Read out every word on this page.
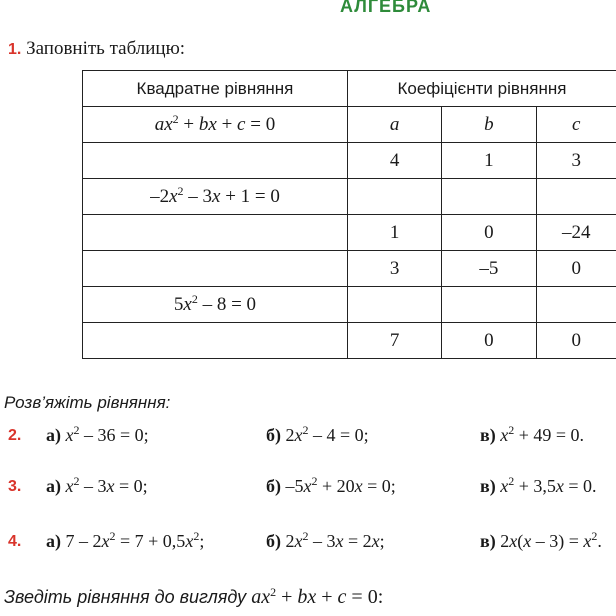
АЛГЕБРА
1. Заповніть таблицю:
Квадратне рівняння	Коефіцієнти рівняння		
$ax^2$ + bx + c = 0	a	b	c
	4	1	3
$-2x^2 - 3x + 1 = 0$			
	1	0	–24
	3	–5	0
$5x^2 - 8 = 0$			
	7	0	0
Розв’яжіть рівняння:
2. а) $x^2 - 36 = 0$;	б) $2x^2 - 4 = 0$;	в) $x^2 + 49 = 0$.
3. а) $x^2 - 3x = 0$;	б) $-5x^2 + 20x = 0$;	в) $x^2 + 3,5x = 0$.
4. а) $7 - 2x^2 = 7 + 0,5x^2$;	б) $2x^2 - 3x = 2x$;	в) $2x(x - 3) = x^2$.
Зведіть рівняння до вигляду $ax^2$ + bx + c = 0:
